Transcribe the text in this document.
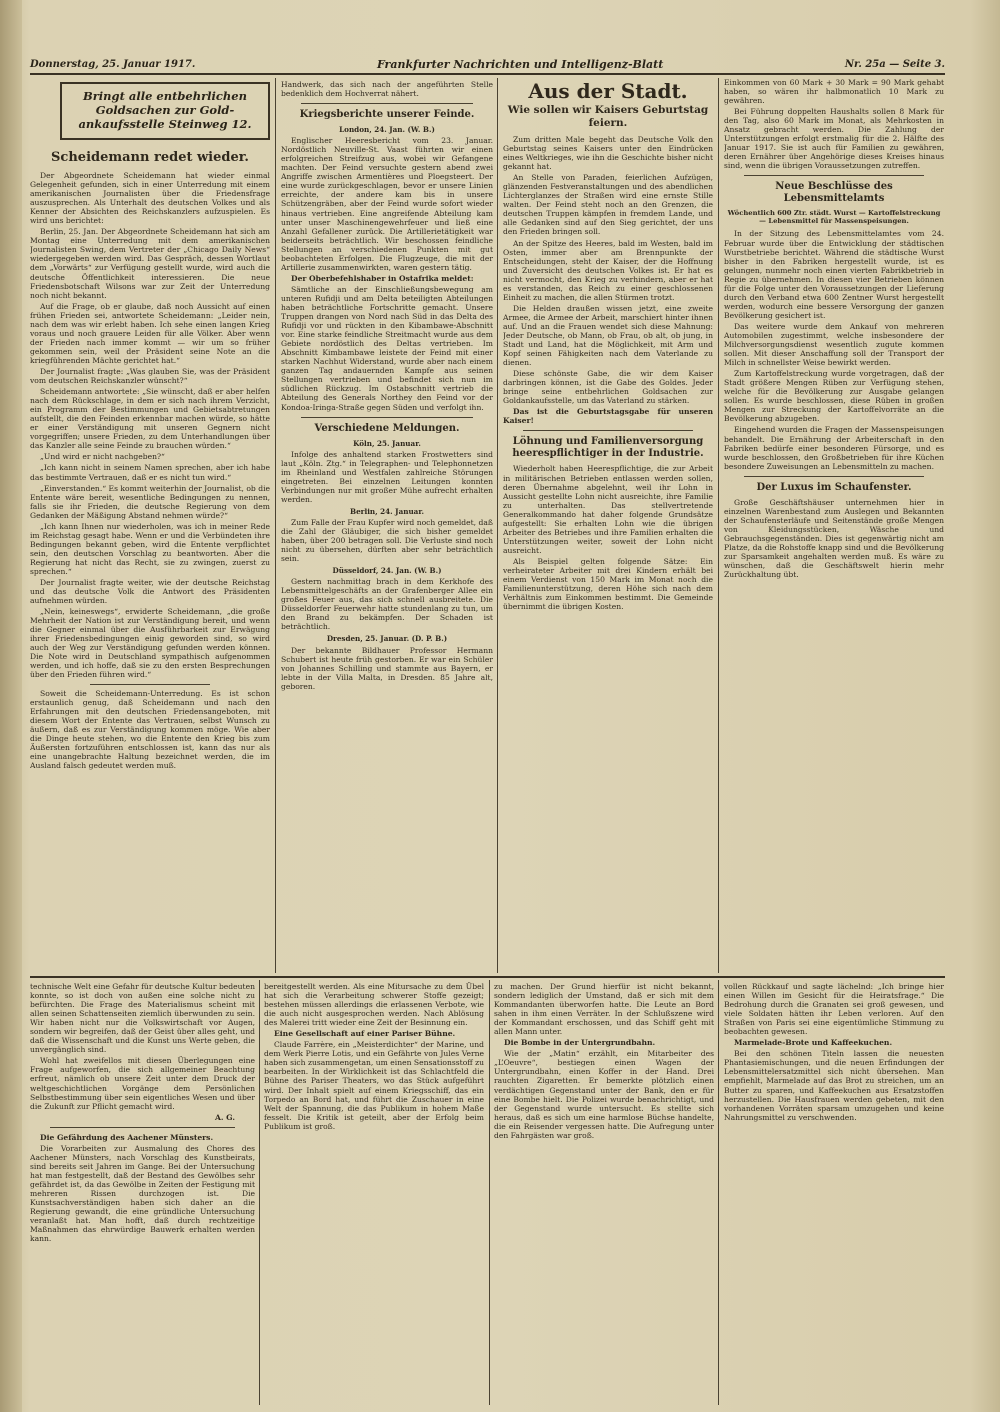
Donnerstag, 25. Januar 1917.	Frankfurter Nachrichten und Intelligenz-Blatt	Nr. 25a — Seite 3.
Bringt alle entbehrlichen
Goldsachen zur Gold-
ankaufsstelle Steinweg 12.
Scheidemann redet wieder.

Der Abgeordnete Scheidemann hat wieder einmal Gelegenheit gefunden, sich in einer Unterredung mit einem amerikanischen Journalisten über die Friedensfrage auszusprechen. Als Unterhalt des deutschen Volkes und als Kenner der Absichten des Reichskanzlers aufzuspielen. Es wird uns berichtet:

Berlin, 25. Jan. Der Abgeordnete Scheidemann hat sich am Montag eine Unterredung mit dem amerikanischen Journalisten Swing, dem Vertreter der „Chicago Daily News“ wiedergegeben werden wird. Das Gespräch, dessen Wortlaut dem „Vorwärts“ zur Verfügung gestellt wurde, wird auch die deutsche Öffentlichkeit interessieren. Die neue Friedensbotschaft Wilsons war zur Zeit der Unterredung noch nicht bekannt.

Auf die Frage, ob er glaube, daß noch Aussicht auf einen frühen Frieden sei, antwortete Scheidemann: „Leider nein, nach dem was wir erlebt haben. Ich sehe einen langen Krieg voraus und noch grauere Leiden für alle Völker. Aber wenn der Frieden nach immer kommt — wir um so früher gekommen sein, weil der Präsident seine Note an die kriegführenden Mächte gerichtet hat.“

Der Journalist fragte: „Was glauben Sie, was der Präsident vom deutschen Reichskanzler wünscht?“

Scheidemann antwortete: „Sie wünscht, daß er aber helfen nach dem Rückschlage, in dem er sich nach ihrem Verzicht, ein Programm der Bestimmungen und Gebietsabtretungen aufstellt, die den Feinden erkennbar machen würde, so hätte er einer Verständigung mit unseren Gegnern nicht vorgegriffen; unsere Frieden, zu dem Unterhandlungen über das Kanzler alle seine Feinde zu brauchen würden.“

„Und wird er nicht nachgeben?“

„Ich kann nicht in seinem Namen sprechen, aber ich habe das bestimmte Vertrauen, daß er es nicht tun wird.“

„Einverstanden.“ Es kommt weiterhin der Journalist, ob die Entente wäre bereit, wesentliche Bedingungen zu nennen, falls sie ihr Frieden, die deutsche Regierung von dem Gedanken der Mäßigung Abstand nehmen würde?“

„Ich kann Ihnen nur wiederholen, was ich in meiner Rede im Reichstag gesagt habe. Wenn er und die Verbündeten ihre Bedingungen bekannt geben, wird die Entente verpflichtet sein, den deutschen Vorschlag zu beantworten. Aber die Regierung hat nicht das Recht, sie zu zwingen, zuerst zu sprechen.“

Der Journalist fragte weiter, wie der deutsche Reichstag und das deutsche Volk die Antwort des Präsidenten aufnehmen würden.

„Nein, keineswegs“, erwiderte Scheidemann, „die große Mehrheit der Nation ist zur Verständigung bereit, und wenn die Gegner einmal über die Ausführbarkeit zur Erwägung ihrer Friedensbedingungen einig geworden sind, so wird auch der Weg zur Verständigung gefunden werden können. Die Note wird in Deutschland sympathisch aufgenommen werden, und ich hoffe, daß sie zu den ersten Besprechungen über den Frieden führen wird.“

Soweit die Scheidemann-Unterredung. Es ist schon erstaunlich genug, daß Scheidemann und nach den Erfahrungen mit den deutschen Friedensangeboten, mit diesem Wort der Entente das Vertrauen, selbst Wunsch zu äußern, daß es zur Verständigung kommen möge. Wie aber die Dinge heute stehen, wo die Entente den Krieg bis zum Äußersten fortzuführen entschlossen ist, kann das nur als eine unangebrachte Haltung bezeichnet werden, die im Ausland falsch gedeutet werden muß.

Handwerk, das sich nach der angeführten Stelle bedenklich dem Hochverrat nähert.

Kriegsberichte unserer Feinde.
London, 24. Jan. (W. B.)

Englischer Heeresbericht vom 23. Januar. Nordöstlich Neuville-St. Vaast führten wir einen erfolgreichen Streifzug aus, wobei wir Gefangene machten. Der Feind versuchte gestern abend zwei Angriffe zwischen Armentières und Ploegsteert. Der eine wurde zurückgeschlagen, bevor er unsere Linien erreichte, der andere kam bis in unsere Schützengräben, aber der Feind wurde sofort wieder hinaus vertrieben. Eine angreifende Abteilung kam unter unser Maschinengewehrfeuer und ließ eine Anzahl Gefallener zurück. Die Artillerietätigkeit war beiderseits beträchtlich. Wir beschossen feindliche Stellungen an verschiedenen Punkten mit gut beobachteten Erfolgen. Die Flugzeuge, die mit der Artillerie zusammenwirkten, waren gestern tätig.

Der Oberbefehlshaber in Ostafrika meldet:

Sämtliche an der Einschließungsbewegung am unteren Rufidji und am Delta beteiligten Abteilungen haben beträchtliche Fortschritte gemacht. Unsere Truppen drangen von Nord nach Süd in das Delta des Rufidji vor und rückten in den Kibambawe-Abschnitt vor. Eine starke feindliche Streitmacht wurde aus dem Gebiete nordöstlich des Deltas vertrieben. Im Abschnitt Kimbambawe leistete der Feind mit einer starken Nachhut Widerstand, wurde aber nach einem ganzen Tag andauernden Kampfe aus seinen Stellungen vertrieben und befindet sich nun im südlichen Rückzug. Im Ostabschnitt vertrieb die Abteilung des Generals Northey den Feind vor der Kondoa-Iringa-Straße gegen Süden und verfolgt ihn.

Verschiedene Meldungen.
Köln, 25. Januar.

Infolge des anhaltend starken Frostwetters sind laut „Köln. Ztg.“ in Telegraphen- und Telephonnetzen im Rheinland und Westfalen zahlreiche Störungen eingetreten. Bei einzelnen Leitungen konnten Verbindungen nur mit großer Mühe aufrecht erhalten werden.

Berlin, 24. Januar.

Zum Falle der Frau Kupfer wird noch gemeldet, daß die Zahl der Gläubiger, die sich bisher gemeldet haben, über 200 betragen soll. Die Verluste sind noch nicht zu übersehen, dürften aber sehr beträchtlich sein.

Düsseldorf, 24. Jan. (W. B.)

Gestern nachmittag brach in dem Kerkhofe des Lebensmittelgeschäfts an der Grafenberger Allee ein großes Feuer aus, das sich schnell ausbreitete. Die Düsseldorfer Feuerwehr hatte stundenlang zu tun, um den Brand zu bekämpfen. Der Schaden ist beträchtlich.

Dresden, 25. Januar. (D. P. B.)

Der bekannte Bildhauer Professor Hermann Schubert ist heute früh gestorben. Er war ein Schüler von Johannes Schilling und stammte aus Bayern, er lebte in der Villa Malta, in Dresden. 85 Jahre alt, geboren.

Aus der Stadt.
Wie sollen wir Kaisers Geburtstag feiern.

Zum dritten Male begeht das Deutsche Volk den Geburtstag seines Kaisers unter den Eindrücken eines Weltkrieges, wie ihn die Geschichte bisher nicht gekannt hat.

An Stelle von Paraden, feierlichen Aufzügen, glänzenden Festveranstaltungen und des abendlichen Lichterglanzes der Straßen wird eine ernste Stille walten. Der Feind steht noch an den Grenzen, die deutschen Truppen kämpfen in fremdem Lande, und alle Gedanken sind auf den Sieg gerichtet, der uns den Frieden bringen soll.

An der Spitze des Heeres, bald im Westen, bald im Osten, immer aber am Brennpunkte der Entscheidungen, steht der Kaiser, der die Hoffnung und Zuversicht des deutschen Volkes ist. Er hat es nicht vermocht, den Krieg zu verhindern, aber er hat es verstanden, das Reich zu einer geschlossenen Einheit zu machen, die allen Stürmen trotzt.

Die Helden draußen wissen jetzt, eine zweite Armee, die Armee der Arbeit, marschiert hinter ihnen auf. Und an die Frauen wendet sich diese Mahnung: Jeder Deutsche, ob Mann, ob Frau, ob alt, ob jung, in Stadt und Land, hat die Möglichkeit, mit Arm und Kopf seinen Fähigkeiten nach dem Vaterlande zu dienen.

Diese schönste Gabe, die wir dem Kaiser darbringen können, ist die Gabe des Goldes. Jeder bringe seine entbehrlichen Goldsachen zur Goldankaufsstelle, um das Vaterland zu stärken.

Das ist die Geburtstagsgabe für unseren Kaiser!

Löhnung und Familienversorgung heerespflichtiger in der Industrie.

Wiederholt haben Heerespflichtige, die zur Arbeit in militärischen Betrieben entlassen werden sollen, deren Übernahme abgelehnt, weil ihr Lohn in Aussicht gestellte Lohn nicht ausreichte, ihre Familie zu unterhalten. Das stellvertretende Generalkommando hat daher folgende Grundsätze aufgestellt: Sie erhalten Lohn wie die übrigen Arbeiter des Betriebes und ihre Familien erhalten die Unterstützungen weiter, soweit der Lohn nicht ausreicht.

Als Beispiel gelten folgende Sätze: Ein verheirateter Arbeiter mit drei Kindern erhält bei einem Verdienst von 150 Mark im Monat noch die Familienunterstützung, deren Höhe sich nach dem Verhältnis zum Einkommen bestimmt. Die Gemeinde übernimmt die übrigen Kosten.

Einkommen von 60 Mark + 30 Mark = 90 Mark gehabt haben, so wären ihr halbmonatlich 10 Mark zu gewähren.

Bei Führung doppelten Haushalts sollen 8 Mark für den Tag, also 60 Mark im Monat, als Mehrkosten in Ansatz gebracht werden. Die Zahlung der Unterstützungen erfolgt erstmalig für die 2. Hälfte des Januar 1917. Sie ist auch für Familien zu gewähren, deren Ernährer über Angehörige dieses Kreises hinaus sind, wenn die übrigen Voraussetzungen zutreffen.

Neue Beschlüsse des Lebensmittelamts
Wöchentlich 600 Ztr. städt. Wurst — Kartoffelstreckung — Lebensmittel für Massenspeisungen.

In der Sitzung des Lebensmittelamtes vom 24. Februar wurde über die Entwicklung der städtischen Wurstbetriebe berichtet. Während die städtische Wurst bisher in den Fabriken hergestellt wurde, ist es gelungen, nunmehr noch einen vierten Fabrikbetrieb in Regie zu übernehmen. In diesen vier Betrieben können für die Folge unter den Voraussetzungen der Lieferung durch den Verband etwa 600 Zentner Wurst hergestellt werden, wodurch eine bessere Versorgung der ganzen Bevölkerung gesichert ist.

Das weitere wurde dem Ankauf von mehreren Automobilen zugestimmt, welche insbesondere der Milchversorgungsdienst wesentlich zugute kommen sollen. Mit dieser Anschaffung soll der Transport der Milch in schnellster Weise bewirkt werden.

Zum Kartoffelstreckung wurde vorgetragen, daß der Stadt größere Mengen Rüben zur Verfügung stehen, welche für die Bevölkerung zur Ausgabe gelangen sollen. Es wurde beschlossen, diese Rüben in großen Mengen zur Streckung der Kartoffelvorräte an die Bevölkerung abzugeben.

Eingehend wurden die Fragen der Massenspeisungen behandelt. Die Ernährung der Arbeiterschaft in den Fabriken bedürfe einer besonderen Fürsorge, und es wurde beschlossen, den Großbetrieben für ihre Küchen besondere Zuweisungen an Lebensmitteln zu machen.

Der Luxus im Schaufenster.

Große Geschäftshäuser unternehmen hier in einzelnen Warenbestand zum Auslegen und Bekannten der Schaufensterläufe und Seitenstände große Mengen von Kleidungsstücken, Wäsche und Gebrauchsgegenständen. Dies ist gegenwärtig nicht am Platze, da die Rohstoffe knapp sind und die Bevölkerung zur Sparsamkeit angehalten werden muß. Es wäre zu wünschen, daß die Geschäftswelt hierin mehr Zurückhaltung übt.

technische Welt eine Gefahr für deutsche Kultur bedeuten konnte, so ist doch von außen eine solche nicht zu befürchten. Die Frage des Materialismus scheint mit allen seinen Schattenseiten ziemlich überwunden zu sein. Wir haben nicht nur die Volkswirtschaft vor Augen, sondern wir begreifen, daß der Geist über alles geht, und daß die Wissenschaft und die Kunst uns Werte geben, die unvergänglich sind.

Wohl hat zweifellos mit diesen Überlegungen eine Frage aufgeworfen, die sich allgemeiner Beachtung erfreut, nämlich ob unsere Zeit unter dem Druck der weltgeschichtlichen Vorgänge dem Persönlichen Selbstbestimmung über sein eigentliches Wesen und über die Zukunft zur Pflicht gemacht wird.

A. G.

Die Gefährdung des Aachener Münsters.

Die Vorarbeiten zur Ausmalung des Chores des Aachener Münsters, nach Vorschlag des Kunstbeirats, sind bereits seit Jahren im Gange. Bei der Untersuchung hat man festgestellt, daß der Bestand des Gewölbes sehr gefährdet ist, da das Gewölbe in Zeiten der Festigung mit mehreren Rissen durchzogen ist. Die Kunstsachverständigen haben sich daher an die Regierung gewandt, die eine gründliche Untersuchung veranlaßt hat. Man hofft, daß durch rechtzeitige Maßnahmen das ehrwürdige Bauwerk erhalten werden kann.

bereitgestellt werden. Als eine Mitursache zu dem Übel hat sich die Verarbeitung schwerer Stoffe gezeigt; bestehen müssen allerdings die erlassenen Verbote, wie die auch nicht ausgesprochen werden. Nach Ablösung des Malerei tritt wieder eine Zeit der Besinnung ein.

Eine Gesellschaft auf einer Pariser Bühne.

Claude Farrère, ein „Meisterdichter“ der Marine, und dem Werk Pierre Lotis, und ein Gefährte von Jules Verne haben sich zusammengetan, um einen Sensationsstoff zu bearbeiten. In der Wirklichkeit ist das Schlachtfeld die Bühne des Pariser Theaters, wo das Stück aufgeführt wird. Der Inhalt spielt auf einem Kriegsschiff, das ein Torpedo an Bord hat, und führt die Zuschauer in eine Welt der Spannung, die das Publikum in hohem Maße fesselt. Die Kritik ist geteilt, aber der Erfolg beim Publikum ist groß.

zu machen. Der Grund hierfür ist nicht bekannt, sondern lediglich der Umstand, daß er sich mit dem Kommandanten überworfen hatte. Die Leute an Bord sahen in ihm einen Verräter. In der Schlußszene wird der Kommandant erschossen, und das Schiff geht mit allen Mann unter.

Die Bombe in der Untergrundbahn.

Wie der „Matin“ erzählt, ein Mitarbeiter des „L’Oeuvre“, bestiegen einen Wagen der Untergrundbahn, einen Koffer in der Hand. Drei rauchten Zigaretten. Er bemerkte plötzlich einen verdächtigen Gegenstand unter der Bank, den er für eine Bombe hielt. Die Polizei wurde benachrichtigt, und der Gegenstand wurde untersucht. Es stellte sich heraus, daß es sich um eine harmlose Büchse handelte, die ein Reisender vergessen hatte. Die Aufregung unter den Fahrgästen war groß.

vollen Rückkauf und sagte lächelnd: „Ich bringe hier einen Willen im Gesicht für die Heiratsfrage.“ Die Bedrohung durch die Granaten sei groß gewesen, und viele Soldaten hätten ihr Leben verloren. Auf den Straßen von Paris sei eine eigentümliche Stimmung zu beobachten gewesen.

Marmelade-Brote und Kaffeekuchen.

Bei den schönen Titeln lassen die neuesten Phantasiemischungen, und die neuen Erfindungen der Lebensmittelersatzmittel sich nicht übersehen. Man empfiehlt, Marmelade auf das Brot zu streichen, um an Butter zu sparen, und Kaffeekuchen aus Ersatzstoffen herzustellen. Die Hausfrauen werden gebeten, mit den vorhandenen Vorräten sparsam umzugehen und keine Nahrungsmittel zu verschwenden.
